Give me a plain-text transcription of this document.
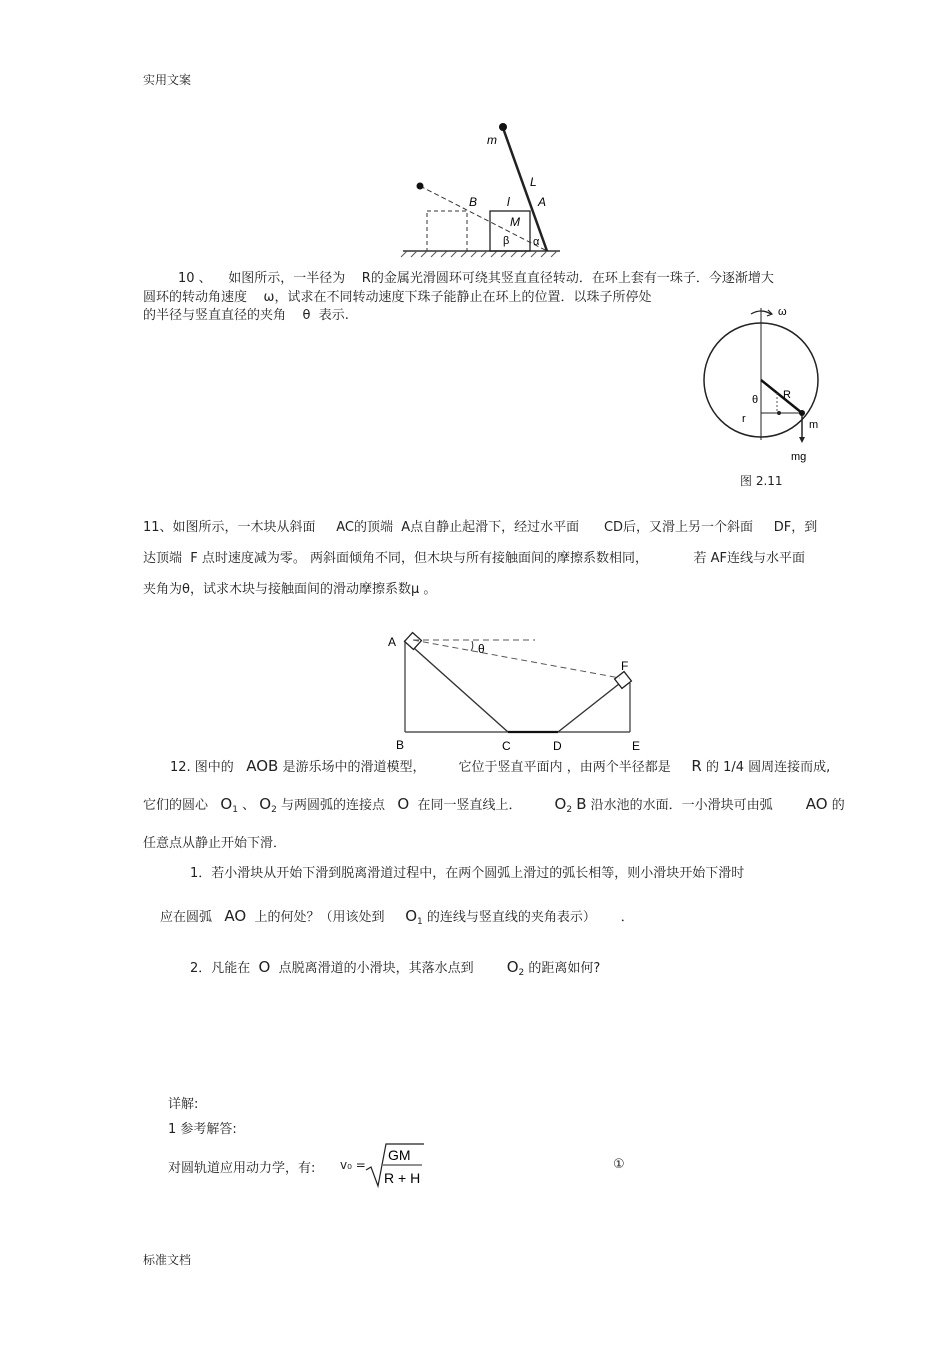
实用文案
m
L
A
B l
M
β α
10 、 如图所示，一半径为 R的金属光滑圆环可绕其竖直直径转动．在环上套有一珠子．今逐渐增大
圆环的转动角速度 ω，试求在不同转动速度下珠子能静止在环上的位置．以珠子所停处
的半径与竖直直径的夹角 θ 表示.	ω
θ R
r	m
mg
图 2.11
11、如图所示，一木块从斜面 AC的顶端 A点自静止起滑下，经过水平面 CD后，又滑上另一个斜面 DF，到
达顶端 F 点时速度减为零。 两斜面倾角不同，但木块与所有接触面间的摩擦系数相同，	若 AF连线与水平面
夹角为θ，试求木块与接触面间的滑动摩擦系数μ 。
A	θ
F
B	C	D	E
12. 图中的 AOB 是游乐场中的滑道模型，	它位于竖直平面内 ，由两个半径都是 R 的 1/4 圆周连接而成,
它们的圆心 $O_1$ 、 $O_2$ 与两圆弧的连接点 O 在同一竖直线上． $O_2$ B 沿水池的水面．一小滑块可由弧 AO 的
任意点从静止开始下滑．
1．若小滑块从开始下滑到脱离滑道过程中，在两个圆弧上滑过的弧长相等，则小滑块开始下滑时
应在圆弧 AO 上的何处？（用该处到 $O_1$ 的连线与竖直线的夹角表示） ．
2．凡能在 O 点脱离滑道的小滑块，其落水点到 $O_2$ 的距离如何?
详解:
1 参考解答:
对圆轨道应用动力学，有: v₀ =
GM
R + H
①
标准文档
